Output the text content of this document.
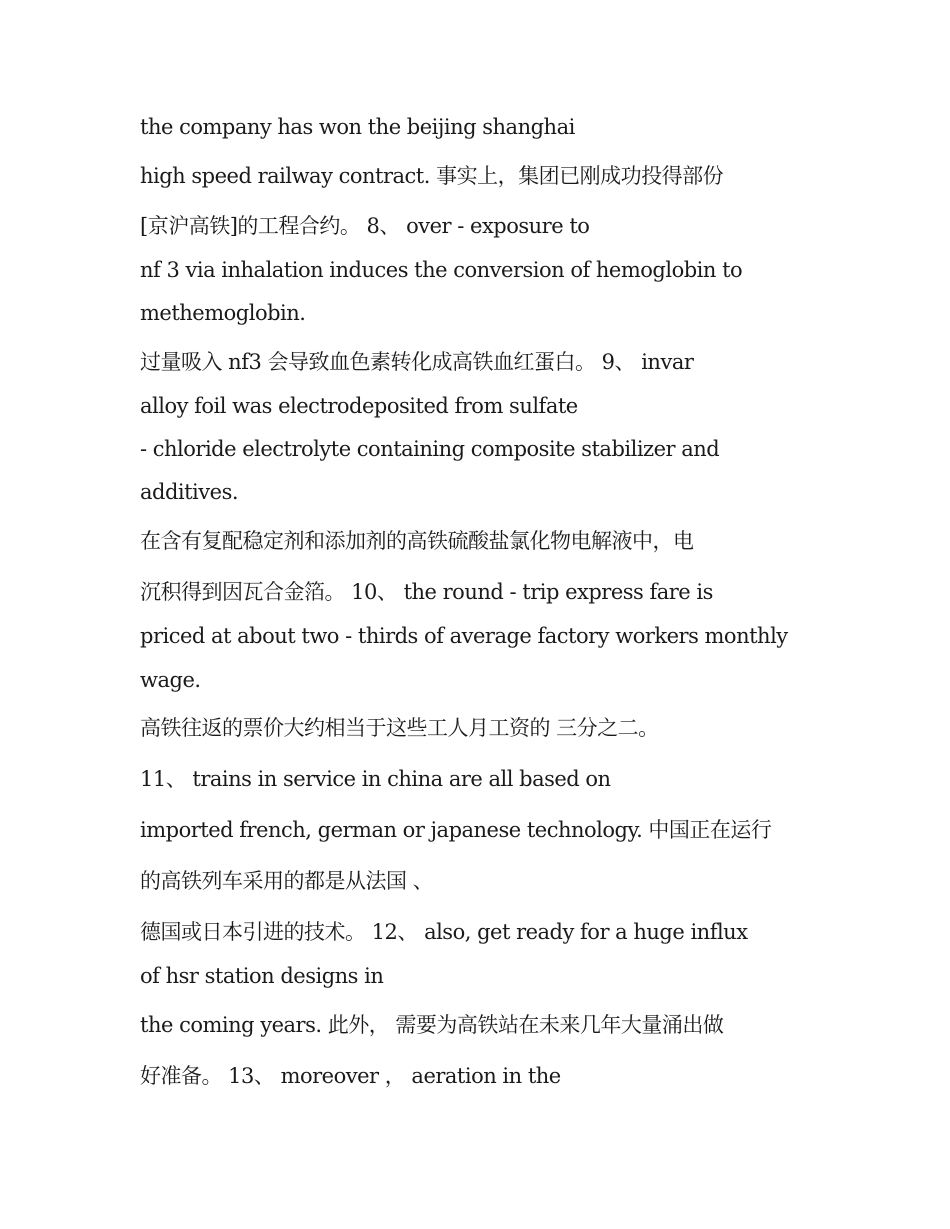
the company has won the beijing shanghai
high speed railway contract. 事实上，集团已刚成功投得部份
[京沪高铁]的工程合约。 8、 over - exposure to
nf 3 via inhalation induces the conversion of hemoglobin to
methemoglobin.
过量吸入 nf3 会导致血色素转化成高铁血红蛋白。 9、 invar
alloy foil was electrodeposited from sulfate
- chloride electrolyte containing composite stabilizer and
additives.
在含有复配稳定剂和添加剂的高铁硫酸盐氯化物电解液中，电
沉积得到因瓦合金箔。 10、 the round - trip express fare is
priced at about two - thirds of average factory workers monthly
wage.
高铁往返的票价大约相当于这些工人月工资的 三分之二。
11、 trains in service in china are all based on
imported french, german or japanese technology. 中国正在运行
的高铁列车采用的都是从法国 、
德国或日本引进的技术。 12、 also, get ready for a huge influx
of hsr station designs in
the coming years. 此外， 需要为高铁站在未来几年大量涌出做
好准备。 13、 moreover ， aeration in the
